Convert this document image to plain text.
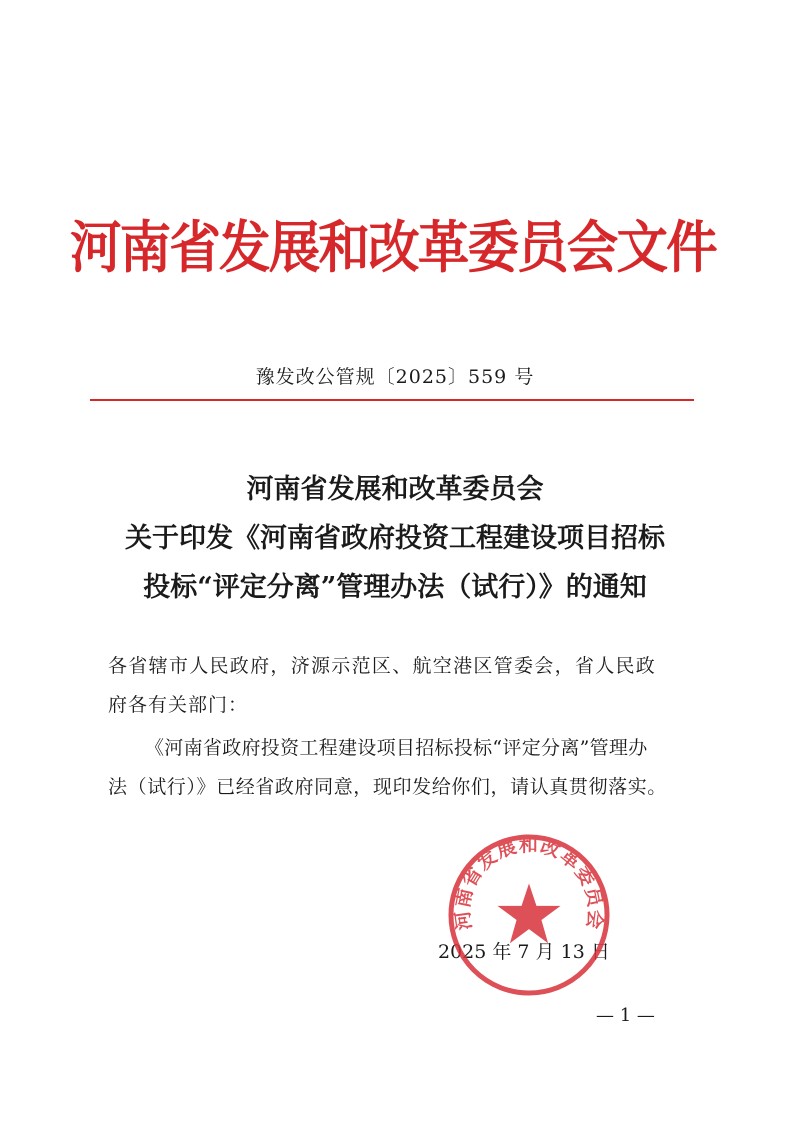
河南省发展和改革委员会文件
豫发改公管规〔2025〕559 号
河南省发展和改革委员会
关于印发《河南省政府投资工程建设项目招标
投标“评定分离”管理办法（试行）》的通知
各省辖市人民政府，济源示范区、航空港区管委会，省人民政
府各有关部门：
《河南省政府投资工程建设项目招标投标“评定分离”管理办
法（试行）》已经省政府同意，现印发给你们，请认真贯彻落实。
2025 年 7 月 13 日
河南省发展和改革委员会
— 1 —
